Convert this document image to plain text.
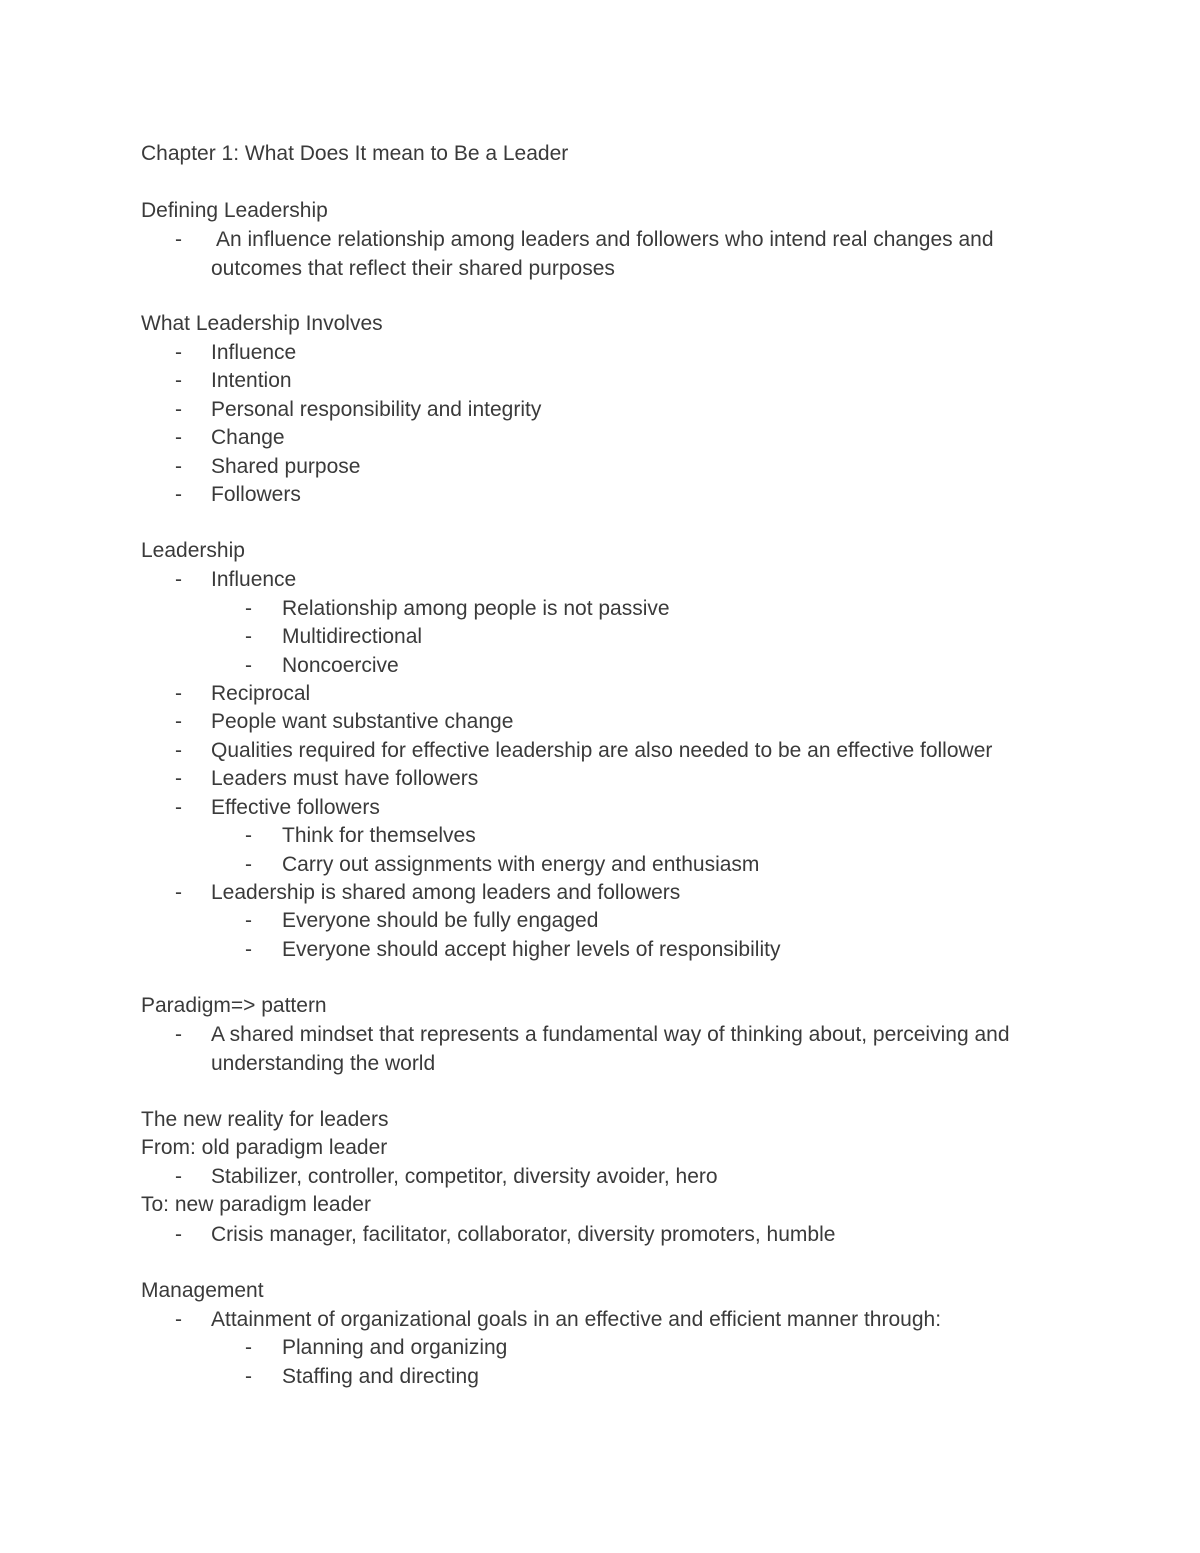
Chapter 1: What Does It mean to Be a Leader
Defining Leadership
- An influence relationship among leaders and followers who intend real changes and outcomes that reflect their shared purposes
What Leadership Involves
- Influence
- Intention
- Personal responsibility and integrity
- Change
- Shared purpose
- Followers
Leadership
- Influence
- Relationship among people is not passive
- Multidirectional
- Noncoercive
- Reciprocal
- People want substantive change
- Qualities required for effective leadership are also needed to be an effective follower
- Leaders must have followers
- Effective followers
- Think for themselves
- Carry out assignments with energy and enthusiasm
- Leadership is shared among leaders and followers
- Everyone should be fully engaged
- Everyone should accept higher levels of responsibility
Paradigm=> pattern
- A shared mindset that represents a fundamental way of thinking about, perceiving and understanding the world
The new reality for leaders
From: old paradigm leader
- Stabilizer, controller, competitor, diversity avoider, hero
To: new paradigm leader
- Crisis manager, facilitator, collaborator, diversity promoters, humble
Management
- Attainment of organizational goals in an effective and efficient manner through:
- Planning and organizing
- Staffing and directing
